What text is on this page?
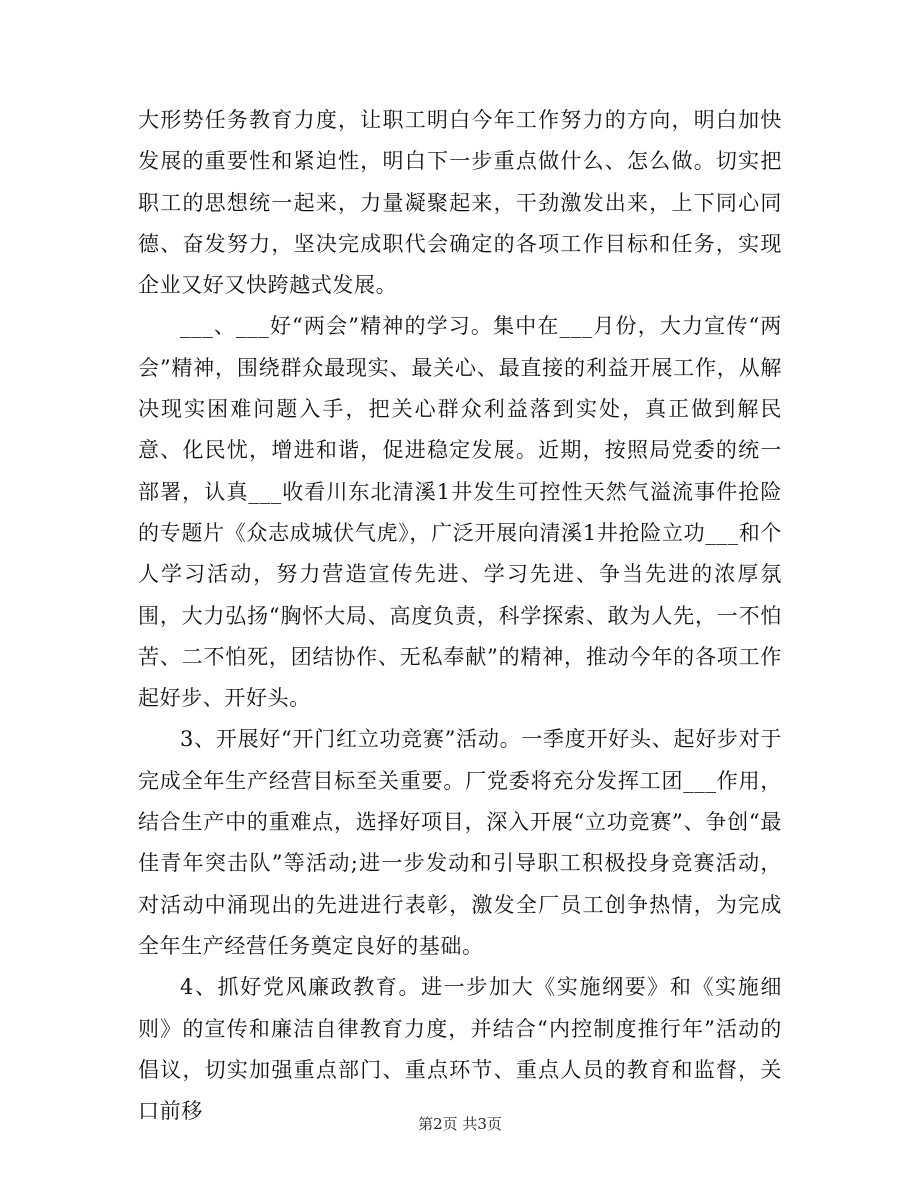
大形势任务教育力度，让职工明白今年工作努力的方向，明白加快发展的重要性和紧迫性，明白下一步重点做什么、怎么做。切实把职工的思想统一起来，力量凝聚起来，干劲激发出来，上下同心同德、奋发努力，坚决完成职代会确定的各项工作目标和任务，实现企业又好又快跨越式发展。

___、___好“两会”精神的学习。集中在___月份，大力宣传“两会”精神，围绕群众最现实、最关心、最直接的利益开展工作，从解决现实困难问题入手，把关心群众利益落到实处，真正做到解民意、化民忧，增进和谐，促进稳定发展。近期，按照局党委的统一部署，认真___收看川东北清溪1井发生可控性天然气溢流事件抢险的专题片《众志成城伏气虎》，广泛开展向清溪1井抢险立功___和个人学习活动，努力营造宣传先进、学习先进、争当先进的浓厚氛围，大力弘扬“胸怀大局、高度负责，科学探索、敢为人先，一不怕苦、二不怕死，团结协作、无私奉献”的精神，推动今年的各项工作起好步、开好头。

3、开展好“开门红立功竞赛”活动。一季度开好头、起好步对于完成全年生产经营目标至关重要。厂党委将充分发挥工团___作用，结合生产中的重难点，选择好项目，深入开展“立功竞赛”、争创“最佳青年突击队”等活动;进一步发动和引导职工积极投身竞赛活动，对活动中涌现出的先进进行表彰，激发全厂员工创争热情，为完成全年生产经营任务奠定良好的基础。

4、抓好党风廉政教育。进一步加大《实施纲要》和《实施细则》的宣传和廉洁自律教育力度，并结合“内控制度推行年”活动的倡议，切实加强重点部门、重点环节、重点人员的教育和监督，关口前移

第2页 共3页
